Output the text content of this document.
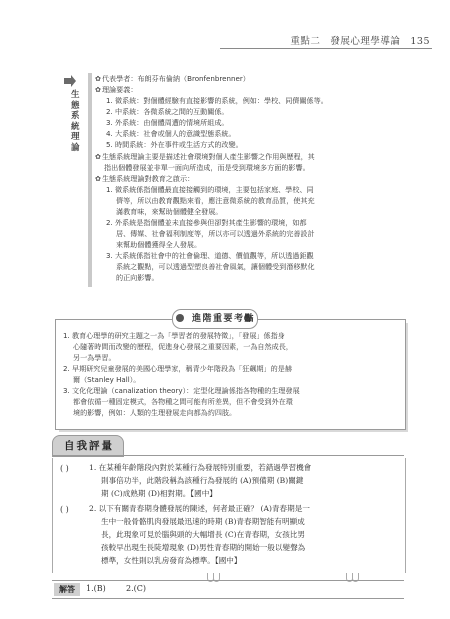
重點二 發展心理學導論 135
生態系統理論
✿代表學者：布朗芬布倫納（Bronfenbrenner）
✿理論要義：
1. 微系統：對個體經驗有直接影響的系統，例如：學校、同儕關係等。
2. 中系統：各微系統之間的互動關係。
3. 外系統：由個體周遭的情境所組成。
4. 大系統：社會或個人的意識型態系統。
5. 時間系統：外在事件或生活方式的改變。
✿生態系統理論主要是描述社會環境對個人產生影響之作用與歷程，其
指出個體發展並非單一面向所造成，而是受到環境多方面的影響。
✿生態系統理論對教育之啟示：
1. 微系統係指個體最直接接觸到的環境，主要包括家庭、學校、同
儕等，所以由教育觀點來看，應注意微系統的教育品質，使其充
滿教育味，來幫助個體健全發展。
2. 外系統是指個體並未直接參與但卻對其產生影響的環境，如都
居、傳媒、社會福利制度等，所以亦可以透過外系統的完善設計
來幫助個體獲得全人發展。
3. 大系統係指社會中的社會倫理、道德、價值觀等，所以透過鉅觀
系統之觀點，可以透過型塑良善社會風氣，讓個體受到潛移默化
的正向影響。
進階重要考點
1. 教育心理學的研究主題之一為「學習者的發展特徵」，「發展」係指身
心隨著時間而改變的歷程，促進身心發展之重要因素，一為自然成長，
另一為學習。
2. 早期研究兒童發展的美國心理學家，稱青少年階段為「狂飆期」的是赫
爾（Stanley Hall）。
3. 文化化理論（canalization theory）：定型化理論係指各物種的生理發展
都會依循一種固定模式，各物種之間可能有所差異，但不會受到外在環
境的影響，例如：人類的生理發展走向都為約四肢。
自我評量
( )	1. 在某種年齡階段內對於某種行為發展特別重要，若錯過學習機會
則事倍功半，此階段稱為該種行為發展的 (A)預備期 (B)關鍵
期 (C)成熟期 (D)相對期。【國中】
( )	2. 以下有關青春期身體發展的陳述，何者最正確？ (A)青春期是一
生中一般骨骼肌肉發展最迅速的時期 (B)青春期智能有明顯成
長，此現象可見於腦與頭的大幅增長 (C)在青春期，女孩比男
孩較早出現生長陡增現象 (D)男性青春期的開始一般以變聲為
標準，女性則以乳房發育為標準。【國中】
解答	1.(B)	2.(C)
